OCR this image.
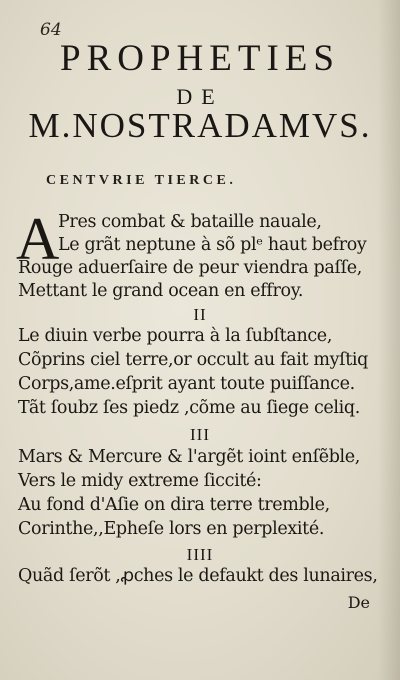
64
PROPHETIES
DE
M.NOSTRADAMVS.
CENTVRIE TIERCE.
A
Pres combat & bataille nauale,
Le grãt neptune à sõ plᵉ haut befroy
Rouge aduerſaire de peur viendra paſſe,
Mettant le grand ocean en effroy.
II
Le diuin verbe pourra à la ſubſtance,
Cõprins ciel terre,or occult au fait myſtiq
Corps,ame.eſprit ayant toute puiſſance.
Tãt ſoubz ſes piedz ,cõme au ſiege celiq.
III
Mars & Mercure & l'argẽt ioint enſẽble,
Vers le midy extreme ſiccité:
Au fond d'Aſie on dira terre tremble,
Corinthe,,Epheſe lors en perplexité.
IIII
Quãd ſerõt ,ꝓches le defaukt des lunaires,
De
